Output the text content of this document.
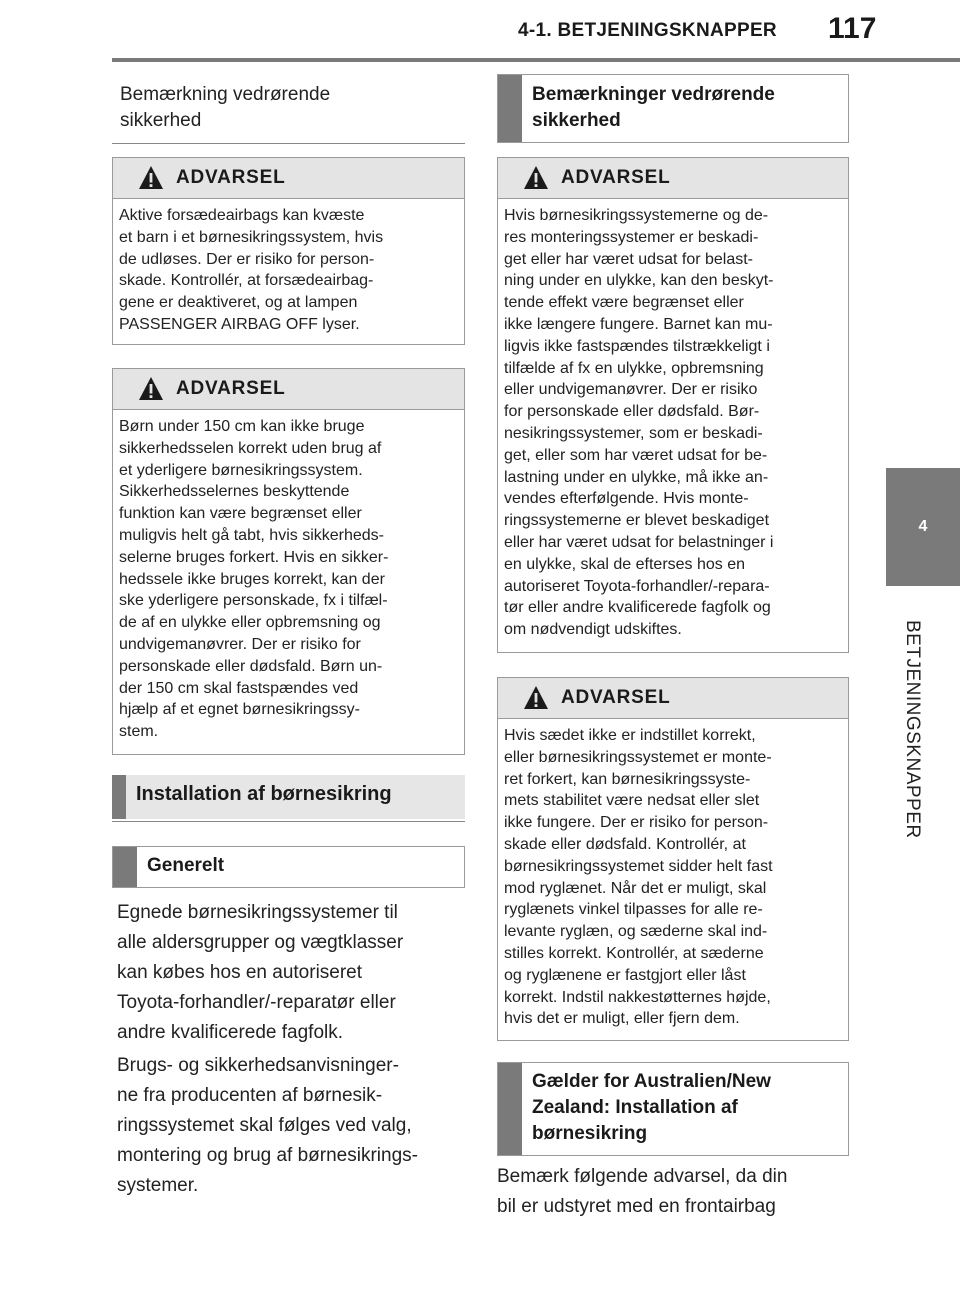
4-1. BETJENINGSKNAPPER 117
4
BETJENINGSKNAPPER
Bemærkning vedrørende
sikkerhed
ADVARSEL
Aktive forsædeairbags kan kvæste
et barn i et børnesikringssystem, hvis
de udløses. Der er risiko for person-
skade. Kontrollér, at forsædeairbag-
gene er deaktiveret, og at lampen
PASSENGER AIRBAG OFF lyser.
ADVARSEL
Børn under 150 cm kan ikke bruge
sikkerhedsselen korrekt uden brug af
et yderligere børnesikringssystem.
Sikkerhedsselernes beskyttende
funktion kan være begrænset eller
muligvis helt gå tabt, hvis sikkerheds-
selerne bruges forkert. Hvis en sikker-
hedssele ikke bruges korrekt, kan der
ske yderligere personskade, fx i tilfæl-
de af en ulykke eller opbremsning og
undvigemanøvrer. Der er risiko for
personskade eller dødsfald. Børn un-
der 150 cm skal fastspændes ved
hjælp af et egnet børnesikringssy-
stem.
Installation af børnesikring
Generelt
Egnede børnesikringssystemer til
alle aldersgrupper og vægtklasser
kan købes hos en autoriseret
Toyota-forhandler/-reparatør eller
andre kvalificerede fagfolk.
Brugs- og sikkerhedsanvisninger-
ne fra producenten af børnesik-
ringssystemet skal følges ved valg,
montering og brug af børnesikrings-
systemer.
Bemærkninger vedrørende
sikkerhed
ADVARSEL
Hvis børnesikringssystemerne og de-
res monteringssystemer er beskadi-
get eller har været udsat for belast-
ning under en ulykke, kan den beskyt-
tende effekt være begrænset eller
ikke længere fungere. Barnet kan mu-
ligvis ikke fastspændes tilstrækkeligt i
tilfælde af fx en ulykke, opbremsning
eller undvigemanøvrer. Der er risiko
for personskade eller dødsfald. Bør-
nesikringssystemer, som er beskadi-
get, eller som har været udsat for be-
lastning under en ulykke, må ikke an-
vendes efterfølgende. Hvis monte-
ringssystemerne er blevet beskadiget
eller har været udsat for belastninger i
en ulykke, skal de efterses hos en
autoriseret Toyota-forhandler/-repara-
tør eller andre kvalificerede fagfolk og
om nødvendigt udskiftes.
ADVARSEL
Hvis sædet ikke er indstillet korrekt,
eller børnesikringssystemet er monte-
ret forkert, kan børnesikringssyste-
mets stabilitet være nedsat eller slet
ikke fungere. Der er risiko for person-
skade eller dødsfald. Kontrollér, at
børnesikringssystemet sidder helt fast
mod ryglænet. Når det er muligt, skal
ryglænets vinkel tilpasses for alle re-
levante ryglæn, og sæderne skal ind-
stilles korrekt. Kontrollér, at sæderne
og ryglænene er fastgjort eller låst
korrekt. Indstil nakkestøtternes højde,
hvis det er muligt, eller fjern dem.
Gælder for Australien/New
Zealand: Installation af
børnesikring
Bemærk følgende advarsel, da din
bil er udstyret med en frontairbag
